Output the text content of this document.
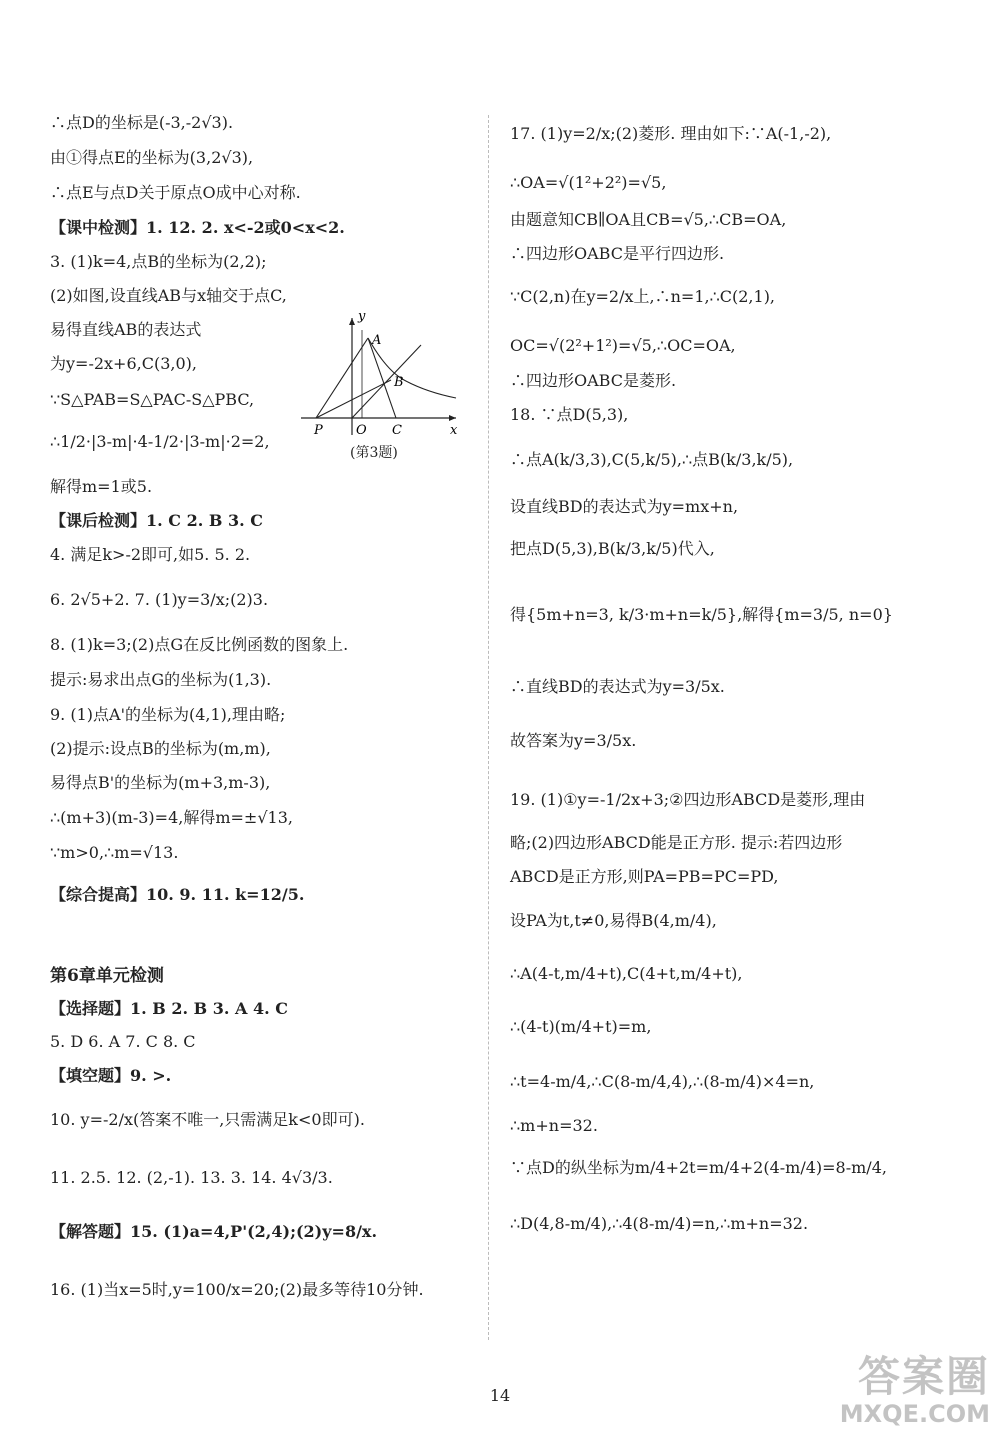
∴点D的坐标是(-3,-2√3).
由①得点E的坐标为(3,2√3),
∴点E与点D关于原点O成中心对称.
【课中检测】1. 12. 2. x<-2或0<x<2.
3. (1)k=4,点B的坐标为(2,2);
(2)如图,设直线AB与x轴交于点C,
易得直线AB的表达式
为y=-2x+6,C(3,0),
∵S△PAB=S△PAC-S△PBC,
∴1/2·|3-m|·4-1/2·|3-m|·2=2,
解得m=1或5.
【课后检测】1. C 2. B 3. C
4. 满足k>-2即可,如5. 5. 2.
6. 2√5+2. 7. (1)y=3/x;(2)3.
8. (1)k=3;(2)点G在反比例函数的图象上.
提示:易求出点G的坐标为(1,3).
9. (1)点A'的坐标为(4,1),理由略;
(2)提示:设点B的坐标为(m,m),
易得点B'的坐标为(m+3,m-3),
∴(m+3)(m-3)=4,解得m=±√13,
∵m>0,∴m=√13.
【综合提高】10. 9. 11. k=12/5.
第6章单元检测
【选择题】1. B 2. B 3. A 4. C
5. D 6. A 7. C 8. C
【填空题】9. >.
10. y=-2/x(答案不唯一,只需满足k<0即可).
11. 2.5. 12. (2,-1). 13. 3. 14. 4√3/3.
【解答题】15. (1)a=4,P'(2,4);(2)y=8/x.
16. (1)当x=5时,y=100/x=20;(2)最多等待10分钟.
y
A
B
P	O C	x
(第3题)
17. (1)y=2/x;(2)菱形. 理由如下:∵A(-1,-2),
∴OA=√(1²+2²)=√5,
由题意知CB∥OA且CB=√5,∴CB=OA,
∴四边形OABC是平行四边形.
∵C(2,n)在y=2/x上,∴n=1,∴C(2,1),
OC=√(2²+1²)=√5,∴OC=OA,
∴四边形OABC是菱形.
18. ∵点D(5,3),
∴点A(k/3,3),C(5,k/5),∴点B(k/3,k/5),
设直线BD的表达式为y=mx+n,
把点D(5,3),B(k/3,k/5)代入,
得{5m+n=3, k/3·m+n=k/5},解得{m=3/5, n=0}
∴直线BD的表达式为y=3/5x.
故答案为y=3/5x.
19. (1)①y=-1/2x+3;②四边形ABCD是菱形,理由
略;(2)四边形ABCD能是正方形. 提示:若四边形
ABCD是正方形,则PA=PB=PC=PD,
设PA为t,t≠0,易得B(4,m/4),
∴A(4-t,m/4+t),C(4+t,m/4+t),
∴(4-t)(m/4+t)=m,
∴t=4-m/4,∴C(8-m/4,4),∴(8-m/4)×4=n,
∴m+n=32.
∵点D的纵坐标为m/4+2t=m/4+2(4-m/4)=8-m/4,
∴D(4,8-m/4),∴4(8-m/4)=n,∴m+n=32.
14	答案圈
MXQE.COM
